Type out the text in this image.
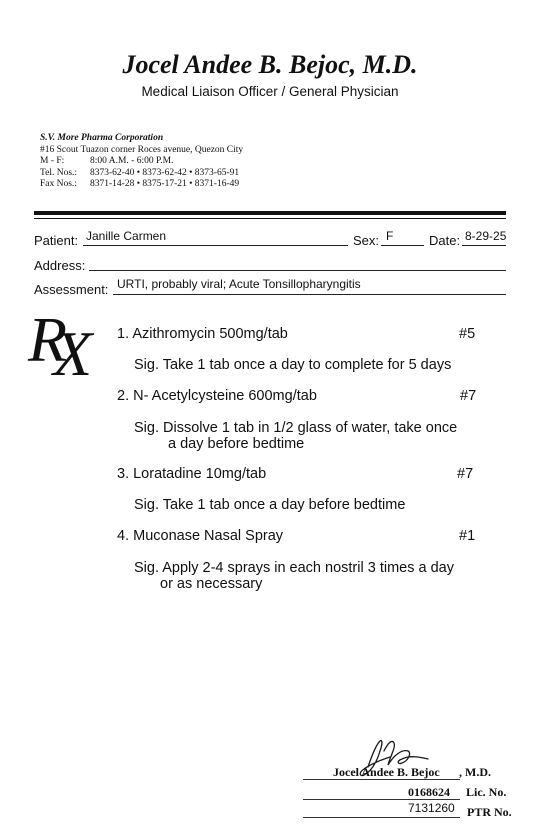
Jocel Andee B. Bejoc, M.D.
Medical Liaison Officer / General Physician
S.V. More Pharma Corporation
#16 Scout Tuazon corner Roces avenue, Quezon City
M - F:	8:00 A.M. - 6:00 P.M.
Tel. Nos.:	8373-62-40 • 8373-62-42 • 8373-65-91
Fax Nos.:	8371-14-28 • 8375-17-21 • 8371-16-49
Patient: Janille Carmen	Sex: F	Date: 8-29-25
Address:
Assessment: URTI, probably viral; Acute Tonsillopharyngitis
RX 1. Azithromycin 500mg/tab	#5
Sig. Take 1 tab once a day to complete for 5 days
2. N- Acetylcysteine 600mg/tab	#7
Sig. Dissolve 1 tab in 1/2 glass of water, take once
a day before bedtime
3. Loratadine 10mg/tab	#7
Sig. Take 1 tab once a day before bedtime
4. Muconase Nasal Spray	#1
Sig. Apply 2-4 sprays in each nostril 3 times a day
or as necessary
Jocel Andee B. Bejoc , M.D.
0168624 Lic. No.
7131260 PTR No.
